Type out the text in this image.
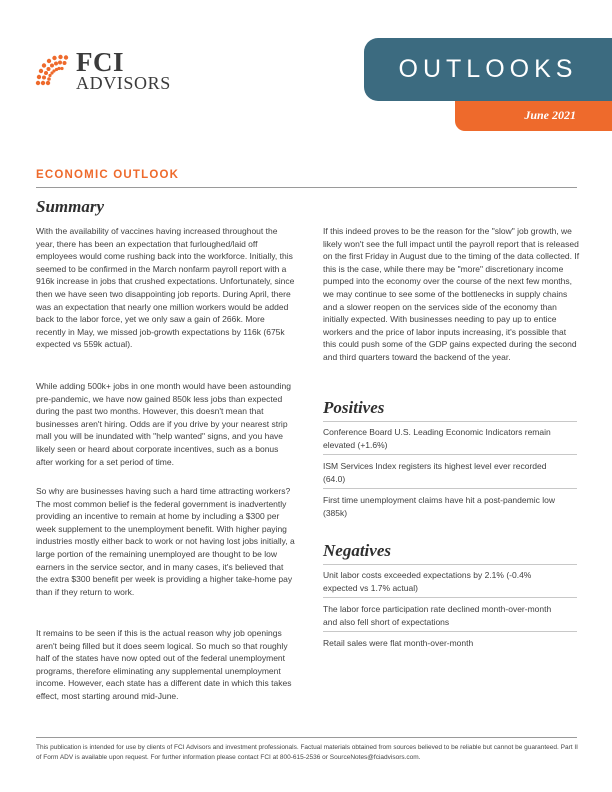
FCI
ADVISORS	OUTLOOKS
June 2021
ECONOMIC OUTLOOK
Summary

With the availability of vaccines having increased throughout the year, there has been an expectation that furloughed/laid off employees would come rushing back into the workforce. Initially, this seemed to be confirmed in the March nonfarm payroll report with a 916k increase in jobs that crushed expectations. Unfortunately, since then we have seen two disappointing job reports. During April, there was an expectation that nearly one million workers would be added back to the labor force, yet we only saw a gain of 266k. More recently in May, we missed job-growth expectations by 116k (675k expected vs 559k actual).

While adding 500k+ jobs in one month would have been astounding pre-pandemic, we have now gained 850k less jobs than expected during the past two months. However, this doesn't mean that businesses aren't hiring. Odds are if you drive by your nearest strip mall you will be inundated with "help wanted" signs, and you have likely seen or heard about corporate incentives, such as a bonus after working for a set period of time.

So why are businesses having such a hard time attracting workers? The most common belief is the federal government is inadvertently providing an incentive to remain at home by including a $300 per week supplement to the unemployment benefit. With higher paying industries mostly either back to work or not having lost jobs initially, a large portion of the remaining unemployed are thought to be low earners in the service sector, and in many cases, it's believed that the extra $300 benefit per week is providing a higher take-home pay than if they return to work.

It remains to be seen if this is the actual reason why job openings aren't being filled but it does seem logical. So much so that roughly half of the states have now opted out of the federal unemployment programs, therefore eliminating any supplemental unemployment income. However, each state has a different date in which this takes effect, most starting around mid-June.

If this indeed proves to be the reason for the "slow" job growth, we likely won't see the full impact until the payroll report that is released on the first Friday in August due to the timing of the data collected. If this is the case, while there may be "more" discretionary income pumped into the economy over the course of the next few months, we may continue to see some of the bottlenecks in supply chains and a slower reopen on the services side of the economy than initially expected. With businesses needing to pay up to entice workers and the price of labor inputs increasing, it's possible that this could push some of the GDP gains expected during the second and third quarters toward the backend of the year.

Positives

Conference Board U.S. Leading Economic Indicators remain elevated (+1.6%)

ISM Services Index registers its highest level ever recorded (64.0)

First time unemployment claims have hit a post-pandemic low (385k)

Negatives

Unit labor costs exceeded expectations by 2.1% (-0.4% expected vs 1.7% actual)

The labor force participation rate declined month-over-month and also fell short of expectations

Retail sales were flat month-over-month

This publication is intended for use by clients of FCI Advisors and investment professionals. Factual materials obtained from sources believed to be reliable but cannot be guaranteed. Part II of Form ADV is available upon request. For further information please contact FCI at 800-615-2536 or SourceNotes@fciadvisors.com.
